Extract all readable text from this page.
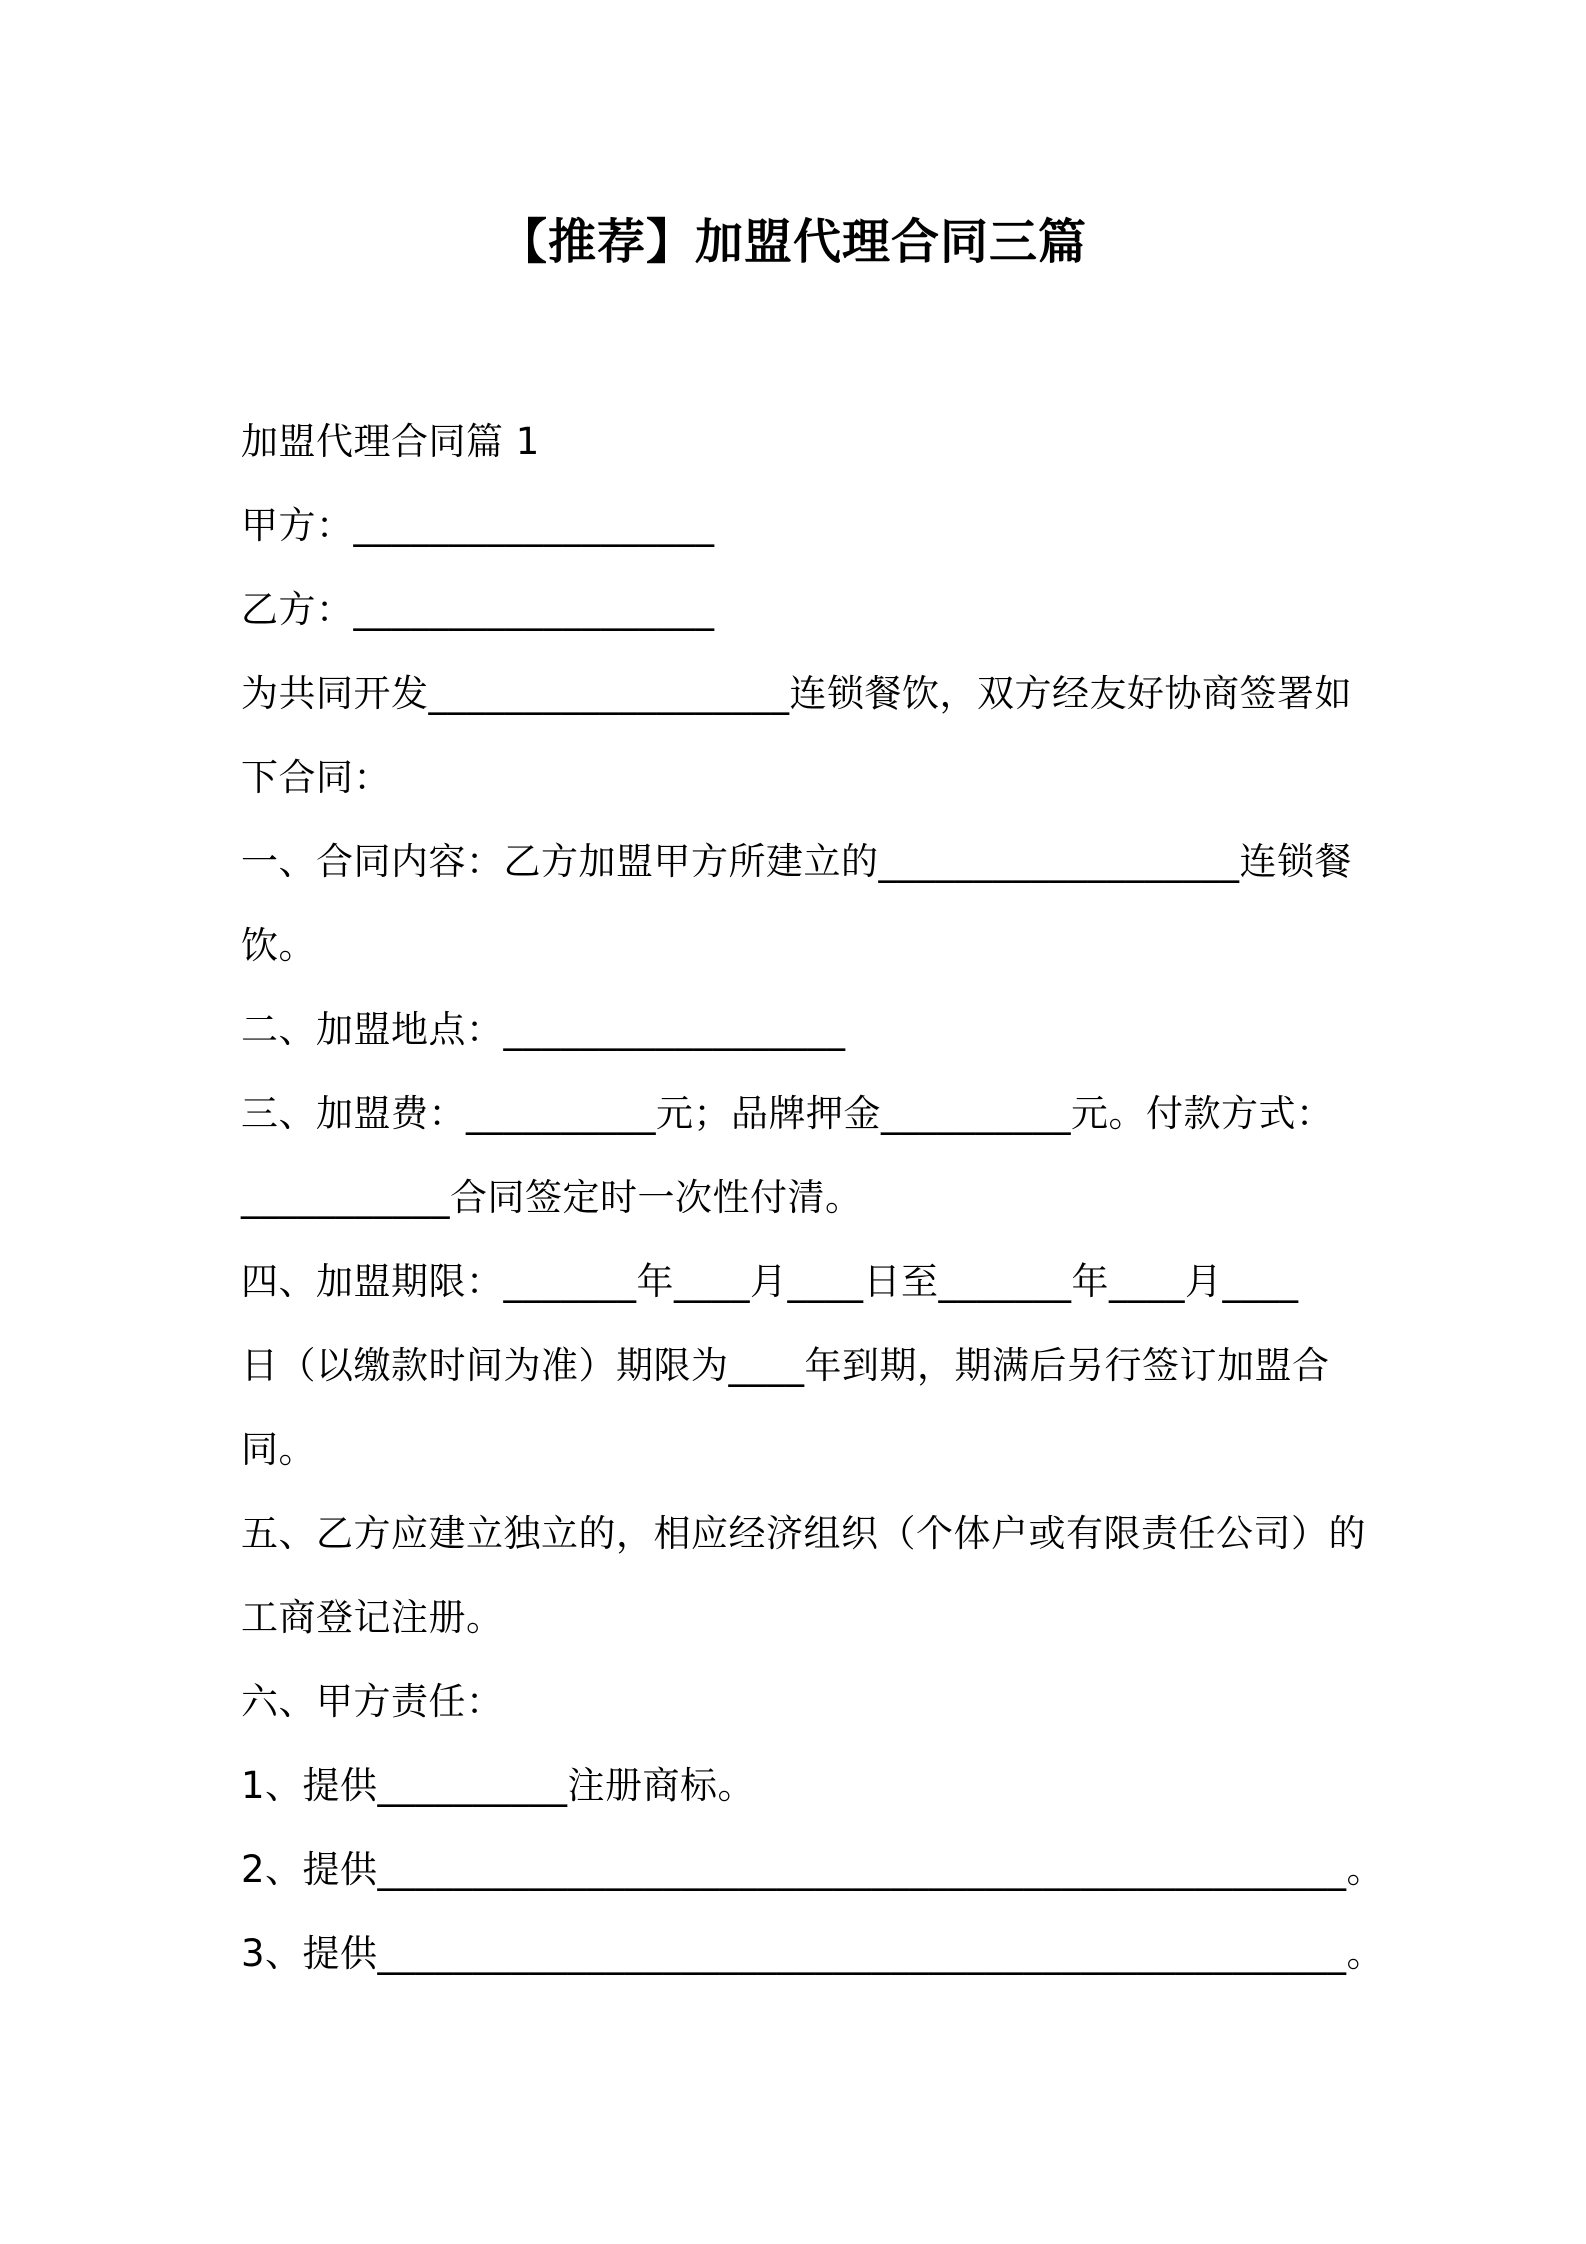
【推荐】加盟代理合同三篇
加盟代理合同篇 1
甲方：___________________
乙方：___________________
为共同开发___________________连锁餐饮，双方经友好协商签署如
下合同：
一、合同内容：乙方加盟甲方所建立的___________________连锁餐
饮。
二、加盟地点：__________________
三、加盟费：__________元；品牌押金__________元。付款方式：
___________合同签定时一次性付清。
四、加盟期限：_______年____月____日至_______年____月____
日（以缴款时间为准）期限为____年到期，期满后另行签订加盟合
同。
五、乙方应建立独立的，相应经济组织（个体户或有限责任公司）的
工商登记注册。
六、甲方责任：
1、提供__________注册商标。
2、提供___________________________________________________。
3、提供___________________________________________________。
